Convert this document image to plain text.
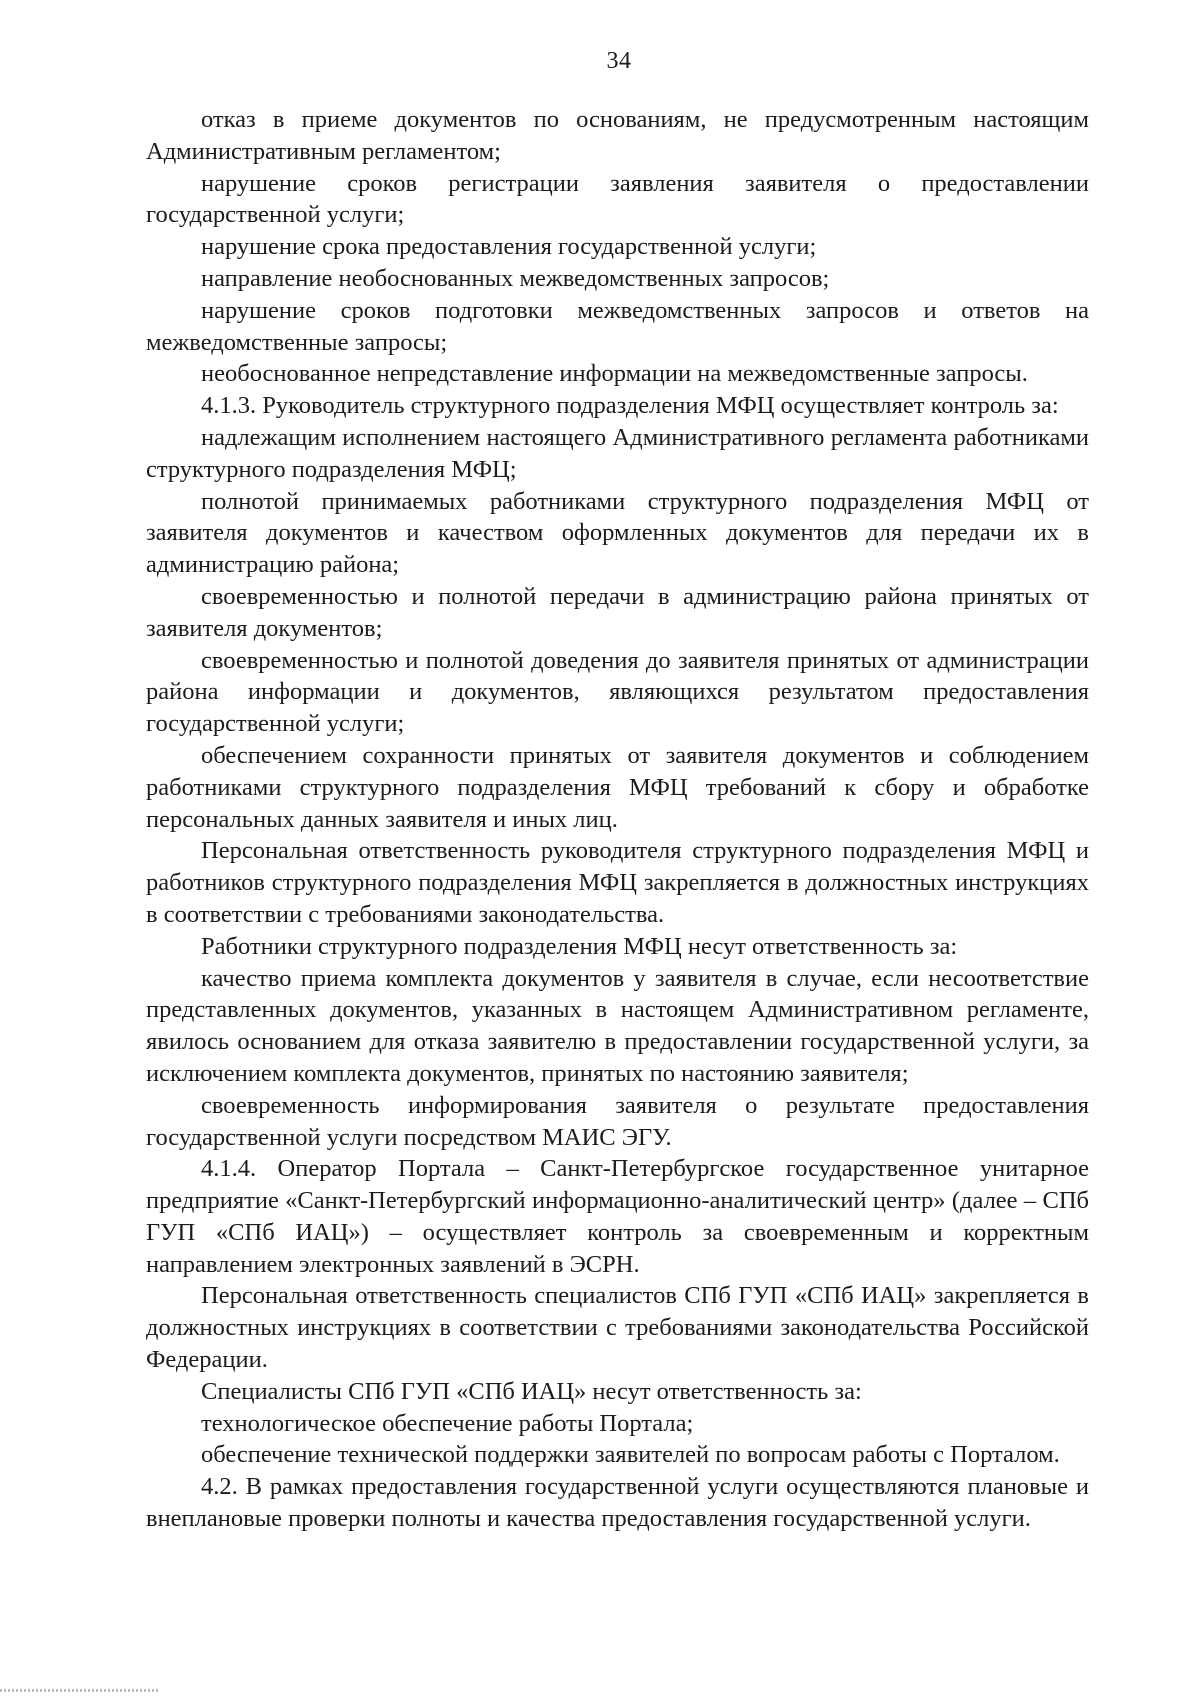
34

отказ в приеме документов по основаниям, не предусмотренным настоящим Административным регламентом;

нарушение сроков регистрации заявления заявителя о предоставлении государственной услуги;

нарушение срока предоставления государственной услуги;

направление необоснованных межведомственных запросов;

нарушение сроков подготовки межведомственных запросов и ответов на межведомственные запросы;

необоснованное непредставление информации на межведомственные запросы.

4.1.3. Руководитель структурного подразделения МФЦ осуществляет контроль за:

надлежащим исполнением настоящего Административного регламента работниками структурного подразделения МФЦ;

полнотой принимаемых работниками структурного подразделения МФЦ от заявителя документов и качеством оформленных документов для передачи их в администрацию района;

своевременностью и полнотой передачи в администрацию района принятых от заявителя документов;

своевременностью и полнотой доведения до заявителя принятых от администрации района информации и документов, являющихся результатом предоставления государственной услуги;

обеспечением сохранности принятых от заявителя документов и соблюдением работниками структурного подразделения МФЦ требований к сбору и обработке персональных данных заявителя и иных лиц.

Персональная ответственность руководителя структурного подразделения МФЦ и работников структурного подразделения МФЦ закрепляется в должностных инструкциях в соответствии с требованиями законодательства.

Работники структурного подразделения МФЦ несут ответственность за:

качество приема комплекта документов у заявителя в случае, если несоответствие представленных документов, указанных в настоящем Административном регламенте, явилось основанием для отказа заявителю в предоставлении государственной услуги, за исключением комплекта документов, принятых по настоянию заявителя;

своевременность информирования заявителя о результате предоставления государственной услуги посредством МАИС ЭГУ.

4.1.4. Оператор Портала – Санкт-Петербургское государственное унитарное предприятие «Санкт-Петербургский информационно-аналитический центр» (далее – СПб ГУП «СПб ИАЦ») – осуществляет контроль за своевременным и корректным направлением электронных заявлений в ЭСРН.

Персональная ответственность специалистов СПб ГУП «СПб ИАЦ» закрепляется в должностных инструкциях в соответствии с требованиями законодательства Российской Федерации.

Специалисты СПб ГУП «СПб ИАЦ» несут ответственность за:

технологическое обеспечение работы Портала;

обеспечение технической поддержки заявителей по вопросам работы с Порталом.

4.2. В рамках предоставления государственной услуги осуществляются плановые и внеплановые проверки полноты и качества предоставления государственной услуги.
